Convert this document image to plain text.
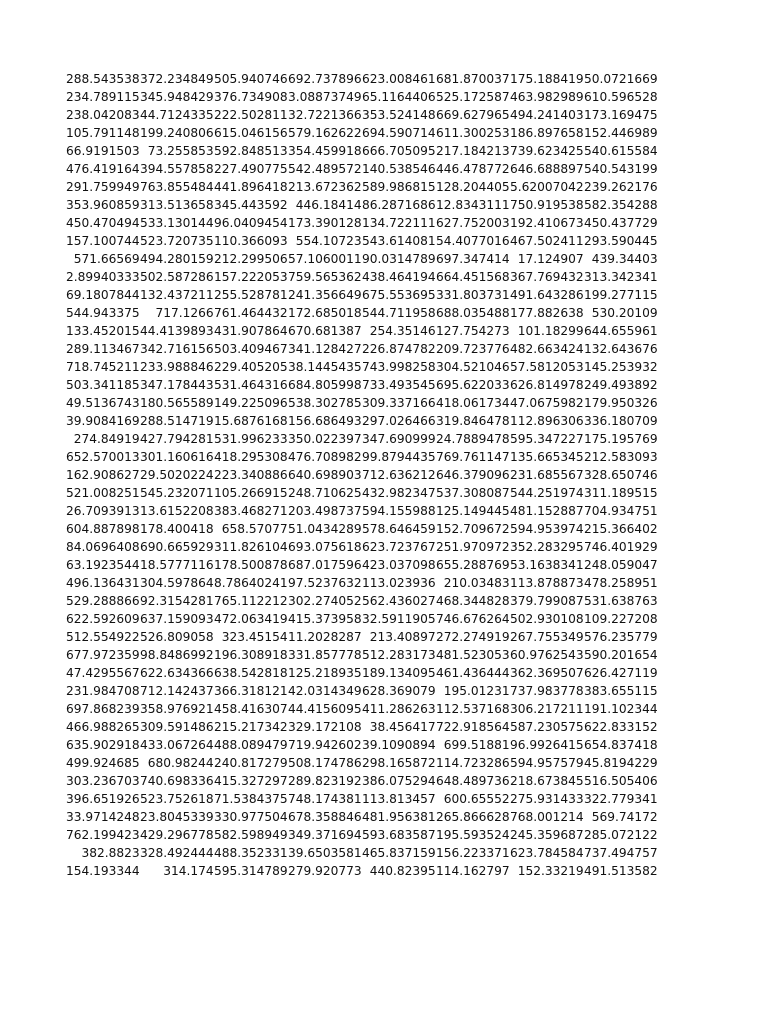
288.543538	372.234849	505.940746	692.737896	623.008461	681.870037	175.188419	50.0721669
234.789115	345.948429	376.734908	3.08873749	65.1164406	525.172587	463.982989	610.596528
238.042083	44.7124335	222.502811	32.7221366	353.524148	669.627965	494.241403	173.169475
105.791148	199.240806	615.046156	579.162622	694.590714	611.300253	186.897658	152.446989
66.9191503	73.255853	592.848513	354.459918	666.705095	217.184213	739.623425	540.615584
476.419164	394.557858	227.490775	542.489572	140.538546	446.478772	646.688897	540.543199
291.759949	763.855484	441.896418	213.672362	589.986815	128.204405	5.62007042	239.262176
353.960859	313.513658	345.443592	446.18414	86.2871686	12.8343111	750.919538	582.354288
450.470494	533.130144	96.0409454	173.390128	134.722111	627.752003	192.410673	450.437729
157.100744	523.720735	110.366093	554.10723	543.614081	54.4077016	467.502411	293.590445
571.66569	494.280159	212.299506	57.1060011	90.0314789	697.347414	17.124907	439.34403
2.89940333	502.587286	157.222053	759.565362	438.464194	664.451568	367.769432	313.342341
69.1807844	132.437211	255.528781	241.356649	675.553695	331.803731	491.643286	199.277115
544.943375	717.1266	761.464432	172.685018	544.711958	688.035488	177.882638	530.20109
133.452015	44.4139893	431.907864	670.681387	254.35146	127.754273	101.18299	644.655961
289.113467	342.716156	503.409467	341.128427	226.874782	209.723776	482.663424	132.643676
718.745211	233.988846	229.405205	38.1445435	743.998258	304.521046	57.5812053	145.253932
503.341185	347.178443	531.464316	684.805998	733.493545	695.622033	626.814978	249.493892
49.5136743	180.565589	149.225096	538.302785	309.337166	418.061734	47.0675982	179.950326
39.9084169	288.514719	15.6876168	156.686493	297.026466	319.846478	112.896306	336.180709
274.84919	427.794281	531.996233	350.022397	347.690999	24.7889478	595.347227	175.195769
652.570013	301.160616	418.295308	476.708982	99.8794435	769.761147	135.665345	212.583093
162.908627	29.5020224	223.340886	640.698903	712.636212	646.379096	231.685567	328.650746
521.008251	545.232071	105.266915	248.710625	432.982347	537.308087	544.251974	311.189515
26.7093913	13.6152208	383.468271	203.498737	594.155988	125.149445	481.152887	704.934751
604.887898	178.400418	658.57077	51.0434289	578.646459	152.709672	594.953974	215.366402
84.0696408	690.665929	311.826104	693.075618	623.723767	251.970972	352.283295	746.401929
63.1923544	18.5777116	178.500878	687.017596	423.037098	655.288769	53.1638341	248.059047
496.136431	304.597864	8.78640241	97.5237632	113.023936	210.03483	113.878873	478.258951
529.288866	92.3154281	765.112212	302.274052	562.436027	468.344828	379.799087	531.638763
622.592609	637.159093	472.063419	415.373958	32.5911905	746.676264	502.930108	109.227208
512.554922	526.809058	323.45154	11.2028287	213.40897	272.274919	267.755349	576.235779
677.972359	98.8486992	196.308918	331.857778	512.283173	481.523053	60.9762543	590.201654
47.4295567	622.634366	638.542818	125.218935	189.134095	461.436444	362.369507	626.427119
231.984708	712.142437	366.318121	42.0314349	628.369079	195.01231	737.983778	383.655115
697.868239	358.976921	458.416307	44.4156095	411.286263	112.537168	306.217211	191.102344
466.988265	309.591486	215.217342	329.172108	38.456417	722.918564	587.230575	622.833152
635.902918	433.067264	488.089479	719.942602	39.1090894	699.51881	96.9926415	654.837418
499.924685	680.98244	240.817279	508.174786	298.165872	114.723286	594.957579	45.8194229
303.236703	740.698336	415.327297	289.823192	386.075294	648.489736	218.673845	516.505406
396.651926	523.752618	71.5384375	748.174381	113.813457	600.65552	275.931433	322.779341
33.9714248	23.8045339	330.977504	678.358846	481.956381	265.866628	768.001214	569.74172
762.199423	429.296778	582.598949	349.371694	593.683587	195.593524	245.359687	285.072122
382.8823	328.492444	488.352331	39.6503581	465.837159	156.223371	623.784584	737.494757
154.193344	314.174	595.314789	279.920773	440.82395	114.162797	152.33219	491.513582
